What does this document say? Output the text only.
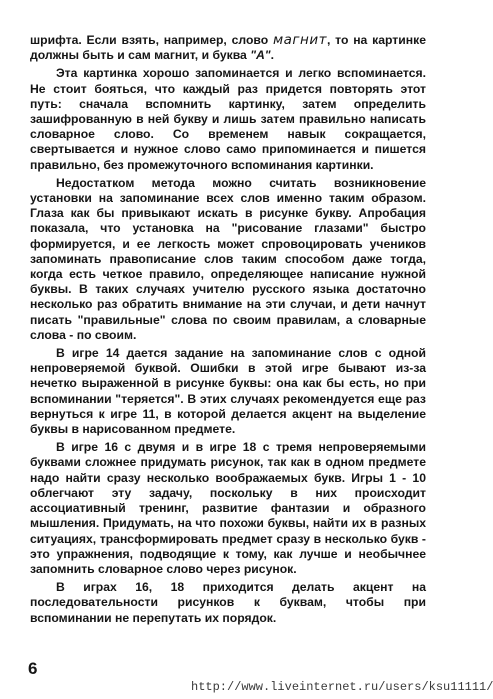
шрифта. Если взять, например, слово магнит, то на картинке должны быть и сам магнит, и буква "А".

Эта картинка хорошо запоминается и легко вспоминается. Не стоит бояться, что каждый раз придется повторять этот путь: сначала вспомнить картинку, затем определить зашифрованную в ней букву и лишь затем правильно написать словарное слово. Со временем навык сокращается, свертывается и нужное слово само припоминается и пишется правильно, без промежуточного вспоминания картинки.

Недостатком метода можно считать возникновение установки на запоминание всех слов именно таким образом. Глаза как бы привыкают искать в рисунке букву. Апробация показала, что установка на "рисование глазами" быстро формируется, и ее легкость может спровоцировать учеников запоминать правописание слов таким способом даже тогда, когда есть четкое правило, определяющее написание нужной буквы. В таких случаях учителю русского языка достаточно несколько раз обратить внимание на эти случаи, и дети начнут писать "правильные" слова по своим правилам, а словарные слова - по своим.

В игре 14 дается задание на запоминание слов с одной непроверяемой буквой. Ошибки в этой игре бывают из-за нечетко выраженной в рисунке буквы: она как бы есть, но при вспоминании "теряется". В этих случаях рекомендуется еще раз вернуться к игре 11, в которой делается акцент на выделение буквы в нарисованном предмете.

В игре 16 с двумя и в игре 18 с тремя непроверяемыми буквами сложнее придумать рисунок, так как в одном предмете надо найти сразу несколько воображаемых букв. Игры 1 - 10 облегчают эту задачу, поскольку в них происходит ассоциативный тренинг, развитие фантазии и образного мышления. Придумать, на что похожи буквы, найти их в разных ситуациях, трансформировать предмет сразу в несколько букв - это упражнения, подводящие к тому, как лучше и необычнее запомнить словарное слово через рисунок.

В играх 16, 18 приходится делать акцент на последовательности рисунков к буквам, чтобы при вспоминании не перепутать их порядок.

6
http://www.liveinternet.ru/users/ksu11111/
